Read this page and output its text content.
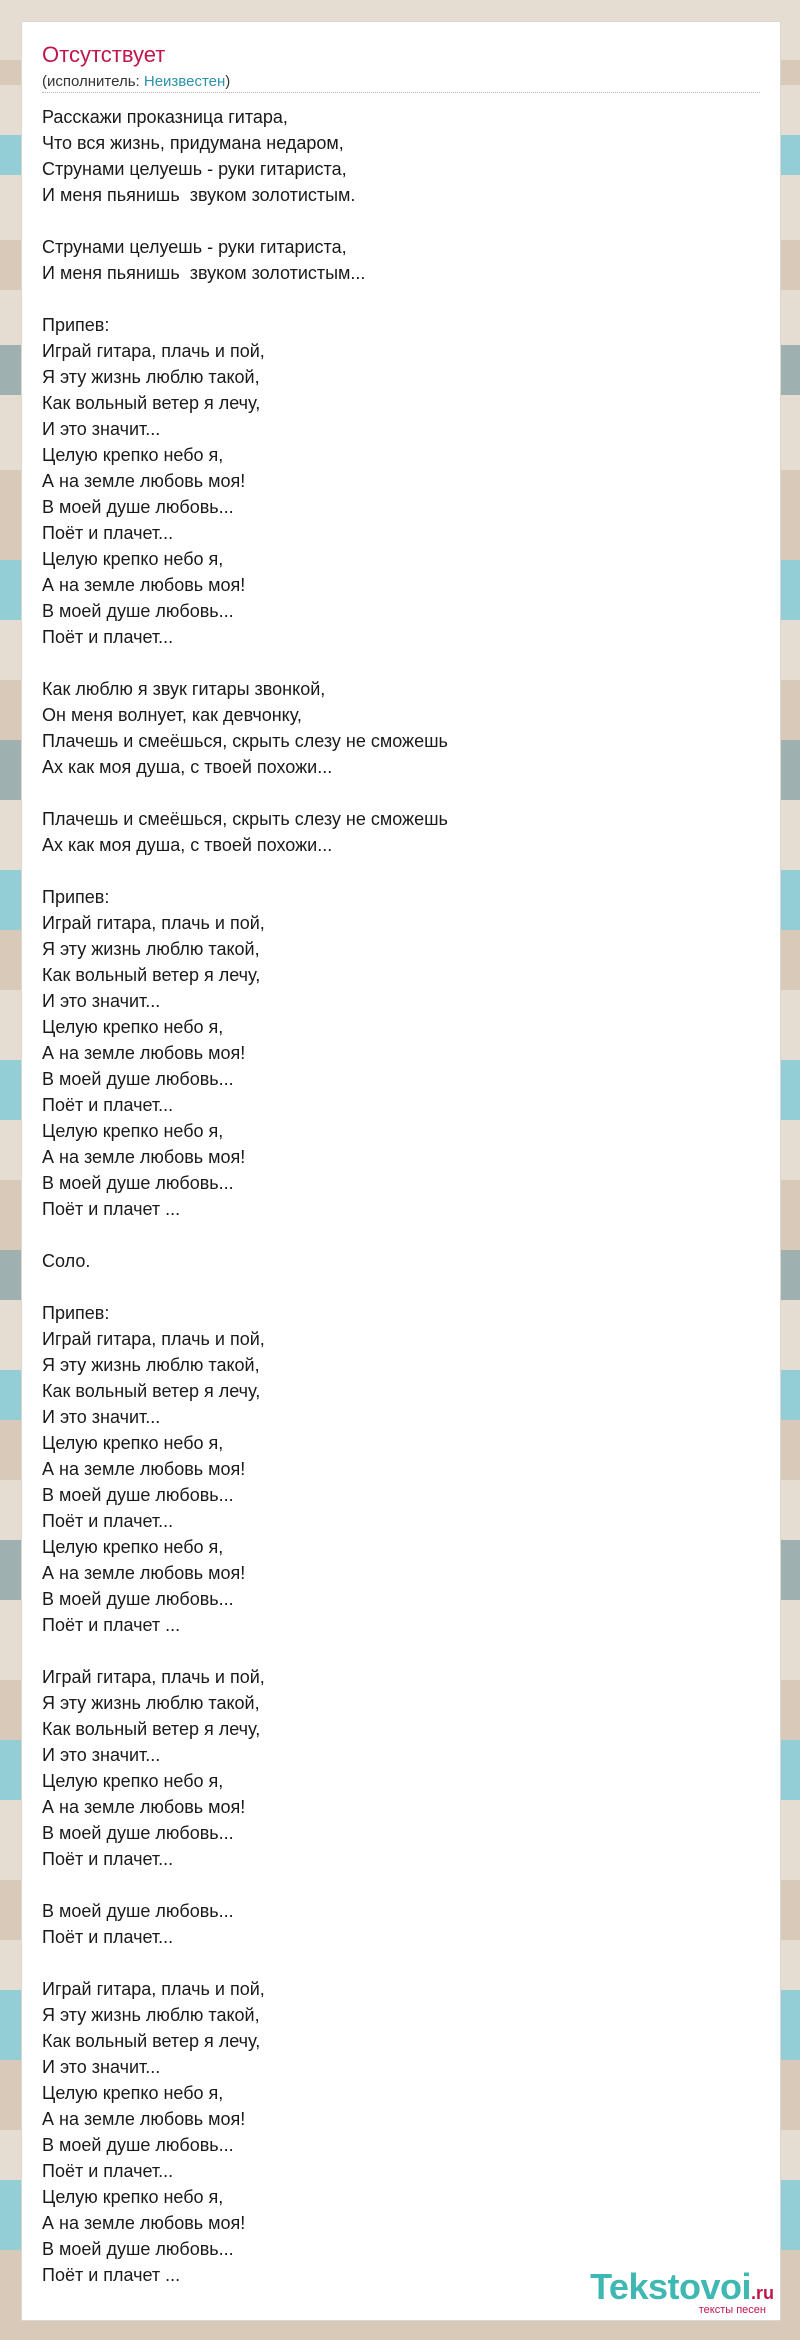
Отсутствует
(исполнитель: Неизвестен)
Расскажи проказница гитара,
Что вся жизнь, придумана недаром,
Струнами целуешь - руки гитариста,
И меня пьянишь  звуком золотистым.
Струнами целуешь - руки гитариста,
И меня пьянишь  звуком золотистым...
Припев:
Играй гитара, плачь и пой,
Я эту жизнь люблю такой,
Как вольный ветер я лечу,
И это значит...
Целую крепко небо я,
А на земле любовь моя!
В моей душе любовь...
Поёт и плачет...
Целую крепко небо я,
А на земле любовь моя!
В моей душе любовь...
Поёт и плачет...
Как люблю я звук гитары звонкой,
Он меня волнует, как девчонку,
Плачешь и смеёшься, скрыть слезу не сможешь
Ах как моя душа, с твоей похожи...
Плачешь и смеёшься, скрыть слезу не сможешь
Ах как моя душа, с твоей похожи...
Припев:
Играй гитара, плачь и пой,
Я эту жизнь люблю такой,
Как вольный ветер я лечу,
И это значит...
Целую крепко небо я,
А на земле любовь моя!
В моей душе любовь...
Поёт и плачет...
Целую крепко небо я,
А на земле любовь моя!
В моей душе любовь...
Поёт и плачет ...
Соло.
Припев:
Играй гитара, плачь и пой,
Я эту жизнь люблю такой,
Как вольный ветер я лечу,
И это значит...
Целую крепко небо я,
А на земле любовь моя!
В моей душе любовь...
Поёт и плачет...
Целую крепко небо я,
А на земле любовь моя!
В моей душе любовь...
Поёт и плачет ...
Играй гитара, плачь и пой,
Я эту жизнь люблю такой,
Как вольный ветер я лечу,
И это значит...
Целую крепко небо я,
А на земле любовь моя!
В моей душе любовь...
Поёт и плачет...
В моей душе любовь...
Поёт и плачет...
Играй гитара, плачь и пой,
Я эту жизнь люблю такой,
Как вольный ветер я лечу,
И это значит...
Целую крепко небо я,
А на земле любовь моя!
В моей душе любовь...
Поёт и плачет...
Целую крепко небо я,
А на земле любовь моя!
В моей душе любовь...
Поёт и плачет ...	Tekstovoi.ru
тексты песен
